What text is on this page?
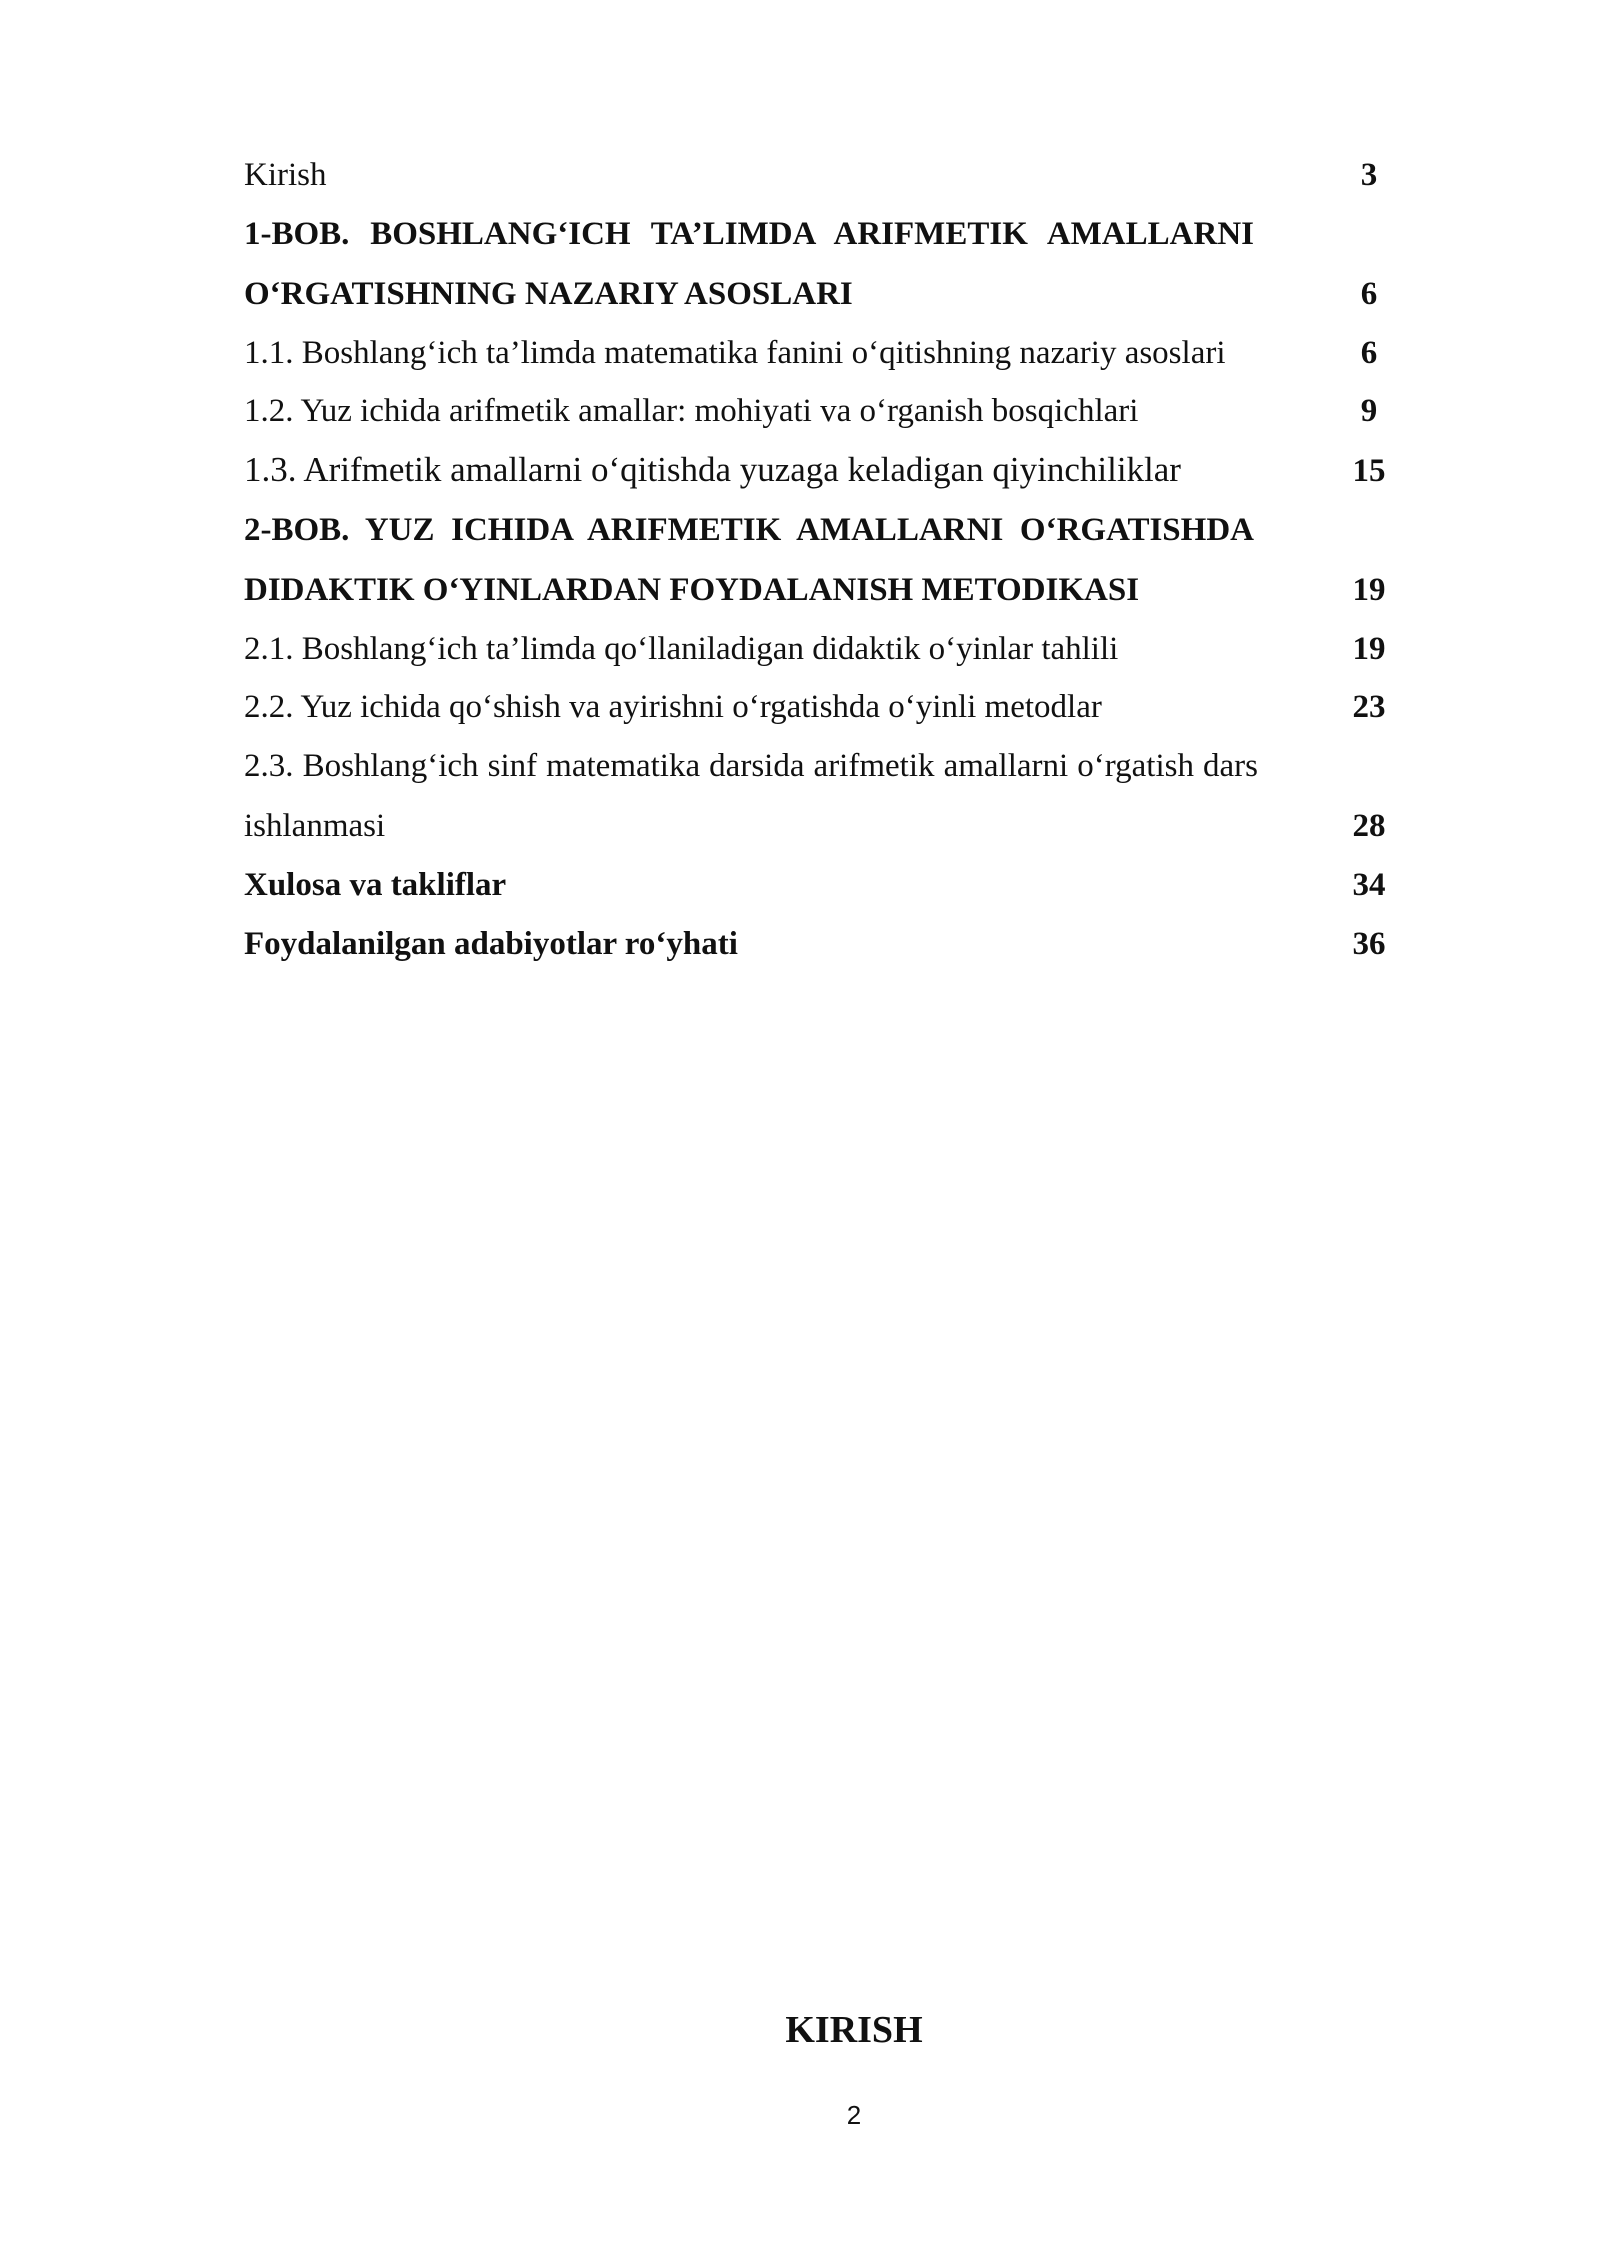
Kirish	3
1-BOB. BOSHLANG‘ICH TA’LIMDA ARIFMETIK AMALLARNI
O‘RGATISHNING NAZARIY ASOSLARI	6
1.1. Boshlang‘ich ta’limda matematika fanini o‘qitishning nazariy asoslari	6
1.2. Yuz ichida arifmetik amallar: mohiyati va o‘rganish bosqichlari	9
1.3. Arifmetik amallarni o‘qitishda yuzaga keladigan qiyinchiliklar	15
2-BOB. YUZ ICHIDA ARIFMETIK AMALLARNI O‘RGATISHDA
DIDAKTIK O‘YINLARDAN FOYDALANISH METODIKASI	19
2.1. Boshlang‘ich ta’limda qo‘llaniladigan didaktik o‘yinlar tahlili	19
2.2. Yuz ichida qo‘shish va ayirishni o‘rgatishda o‘yinli metodlar	23
2.3. Boshlang‘ich sinf matematika darsida arifmetik amallarni o‘rgatish dars
ishlanmasi	28
Xulosa va takliflar	34
Foydalanilgan adabiyotlar ro‘yhati	36
KIRISH
2
